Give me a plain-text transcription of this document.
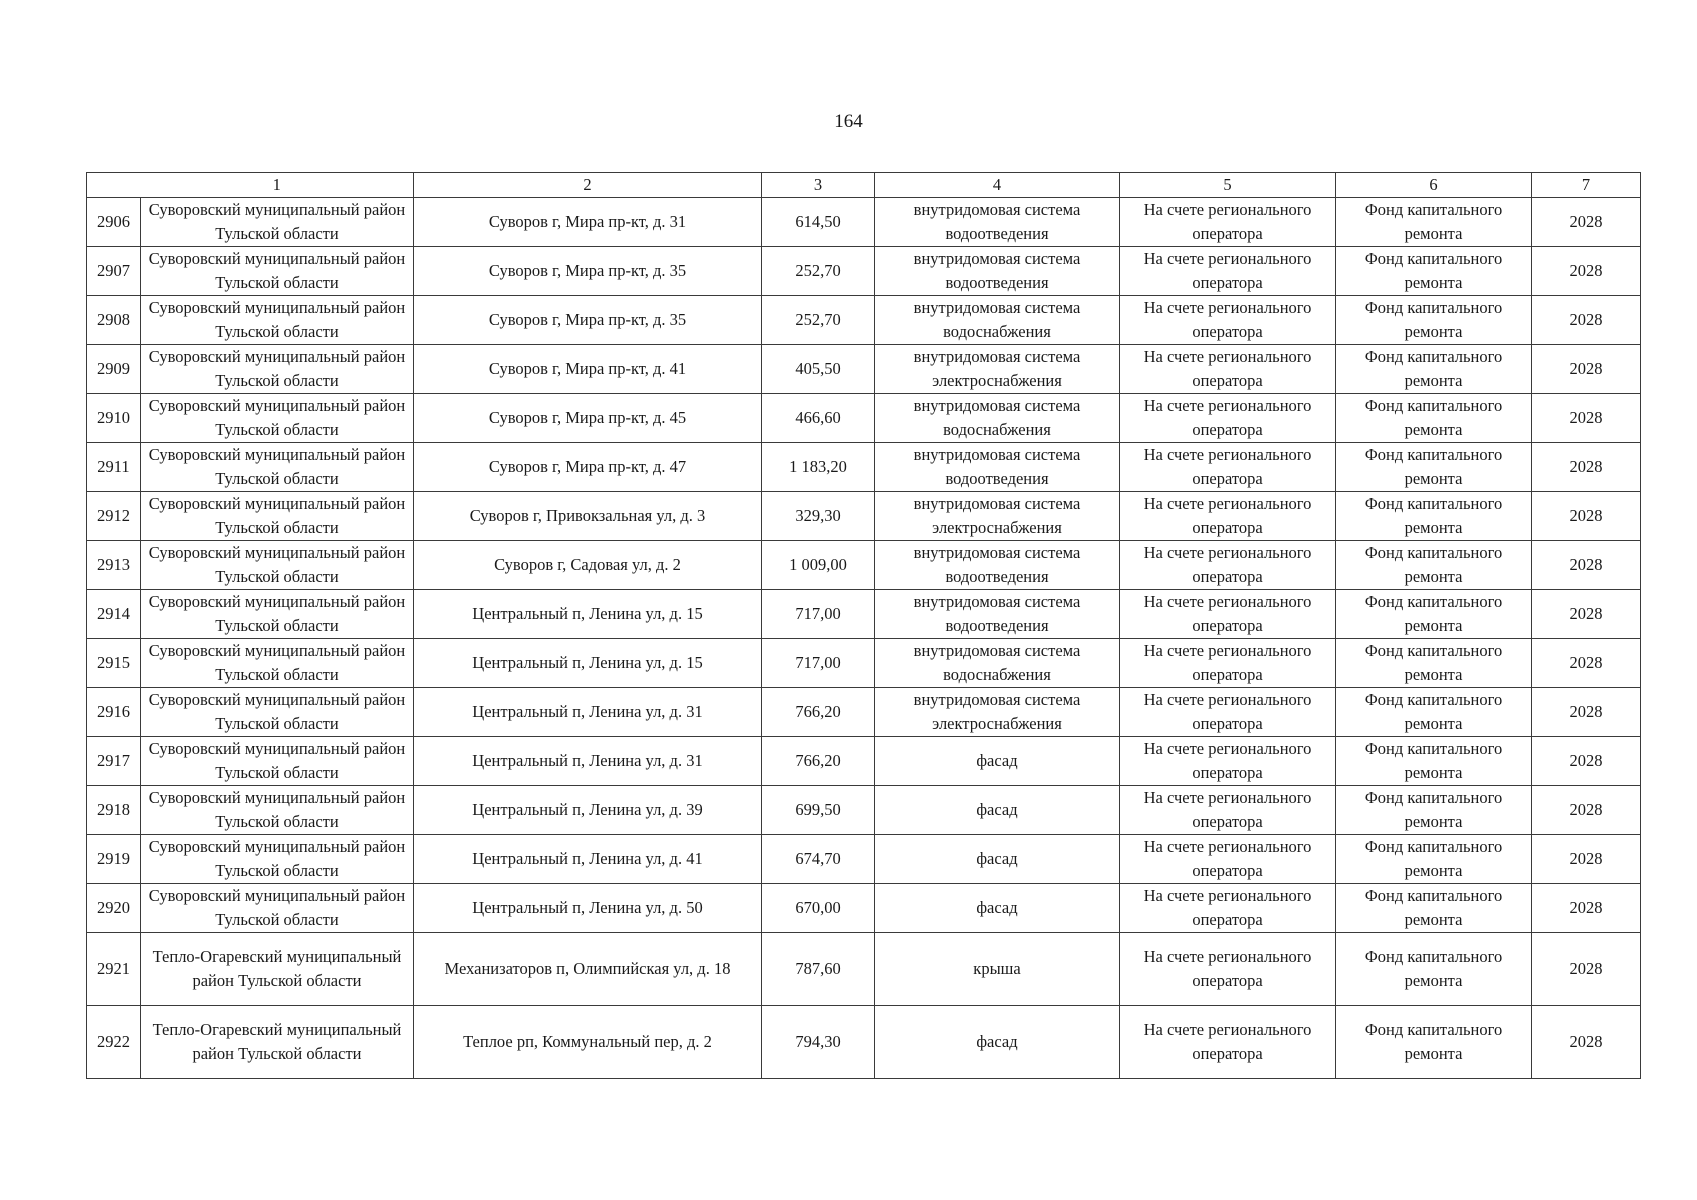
164
	1	2	3	4	5	6	7
2906	Суворовский муниципальный район Тульской области	Суворов г, Мира пр-кт, д. 31	614,50	внутридомовая система водоотведения	На счете регионального оператора	Фонд капитального ремонта	2028
2907	Суворовский муниципальный район Тульской области	Суворов г, Мира пр-кт, д. 35	252,70	внутридомовая система водоотведения	На счете регионального оператора	Фонд капитального ремонта	2028
2908	Суворовский муниципальный район Тульской области	Суворов г, Мира пр-кт, д. 35	252,70	внутридомовая система водоснабжения	На счете регионального оператора	Фонд капитального ремонта	2028
2909	Суворовский муниципальный район Тульской области	Суворов г, Мира пр-кт, д. 41	405,50	внутридомовая система электроснабжения	На счете регионального оператора	Фонд капитального ремонта	2028
2910	Суворовский муниципальный район Тульской области	Суворов г, Мира пр-кт, д. 45	466,60	внутридомовая система водоснабжения	На счете регионального оператора	Фонд капитального ремонта	2028
2911	Суворовский муниципальный район Тульской области	Суворов г, Мира пр-кт, д. 47	1 183,20	внутридомовая система водоотведения	На счете регионального оператора	Фонд капитального ремонта	2028
2912	Суворовский муниципальный район Тульской области	Суворов г, Привокзальная ул, д. 3	329,30	внутридомовая система электроснабжения	На счете регионального оператора	Фонд капитального ремонта	2028
2913	Суворовский муниципальный район Тульской области	Суворов г, Садовая ул, д. 2	1 009,00	внутридомовая система водоотведения	На счете регионального оператора	Фонд капитального ремонта	2028
2914	Суворовский муниципальный район Тульской области	Центральный п, Ленина ул, д. 15	717,00	внутридомовая система водоотведения	На счете регионального оператора	Фонд капитального ремонта	2028
2915	Суворовский муниципальный район Тульской области	Центральный п, Ленина ул, д. 15	717,00	внутридомовая система водоснабжения	На счете регионального оператора	Фонд капитального ремонта	2028
2916	Суворовский муниципальный район Тульской области	Центральный п, Ленина ул, д. 31	766,20	внутридомовая система электроснабжения	На счете регионального оператора	Фонд капитального ремонта	2028
2917	Суворовский муниципальный район Тульской области	Центральный п, Ленина ул, д. 31	766,20	фасад	На счете регионального оператора	Фонд капитального ремонта	2028
2918	Суворовский муниципальный район Тульской области	Центральный п, Ленина ул, д. 39	699,50	фасад	На счете регионального оператора	Фонд капитального ремонта	2028
2919	Суворовский муниципальный район Тульской области	Центральный п, Ленина ул, д. 41	674,70	фасад	На счете регионального оператора	Фонд капитального ремонта	2028
2920	Суворовский муниципальный район Тульской области	Центральный п, Ленина ул, д. 50	670,00	фасад	На счете регионального оператора	Фонд капитального ремонта	2028
2921	Тепло-Огаревский муниципальный район Тульской области	Механизаторов п, Олимпийская ул, д. 18	787,60	крыша	На счете регионального оператора	Фонд капитального ремонта	2028
2922	Тепло-Огаревский муниципальный район Тульской области	Теплое рп, Коммунальный пер, д. 2	794,30	фасад	На счете регионального оператора	Фонд капитального ремонта	2028
